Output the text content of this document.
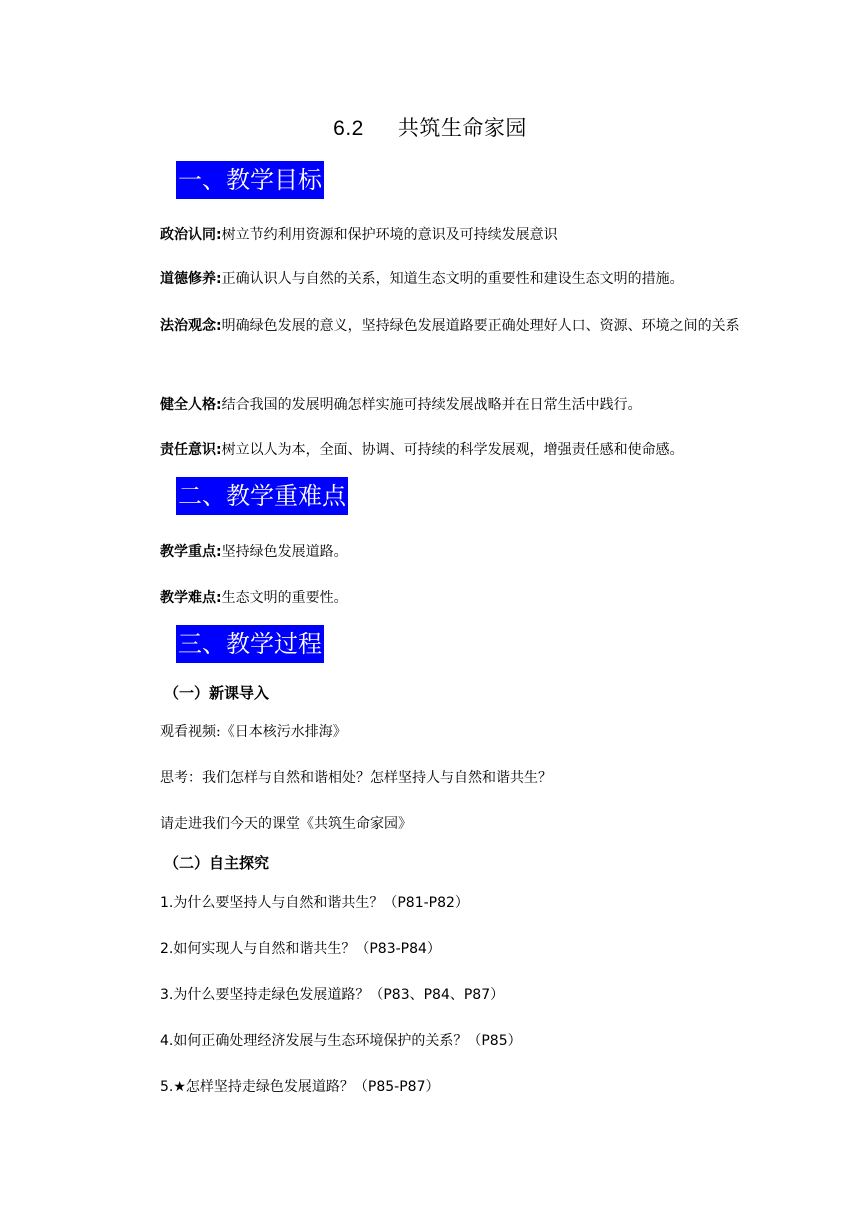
6.2 共筑生命家园
一、教学目标
政治认同:树立节约利用资源和保护环境的意识及可持续发展意识
道德修养:正确认识人与自然的关系，知道生态文明的重要性和建设生态文明的措施。
法治观念:明确绿色发展的意义，坚持绿色发展道路要正确处理好人口、资源、环境之间的关系
健全人格:结合我国的发展明确怎样实施可持续发展战略并在日常生活中践行。
责任意识:树立以人为本，全面、协调、可持续的科学发展观，增强责任感和使命感。
二、教学重难点
教学重点:坚持绿色发展道路。
教学难点:生态文明的重要性。
三、教学过程
（一）新课导入
观看视频:《日本核污水排海》
思考：我们怎样与自然和谐相处？怎样坚持人与自然和谐共生？
请走进我们今天的课堂《共筑生命家园》
（二）自主探究
1.为什么要坚持人与自然和谐共生？（P81-P82）
2.如何实现人与自然和谐共生？（P83-P84）
3.为什么要坚持走绿色发展道路？（P83、P84、P87）
4.如何正确处理经济发展与生态环境保护的关系？（P85）
5.★怎样坚持走绿色发展道路？（P85-P87）
